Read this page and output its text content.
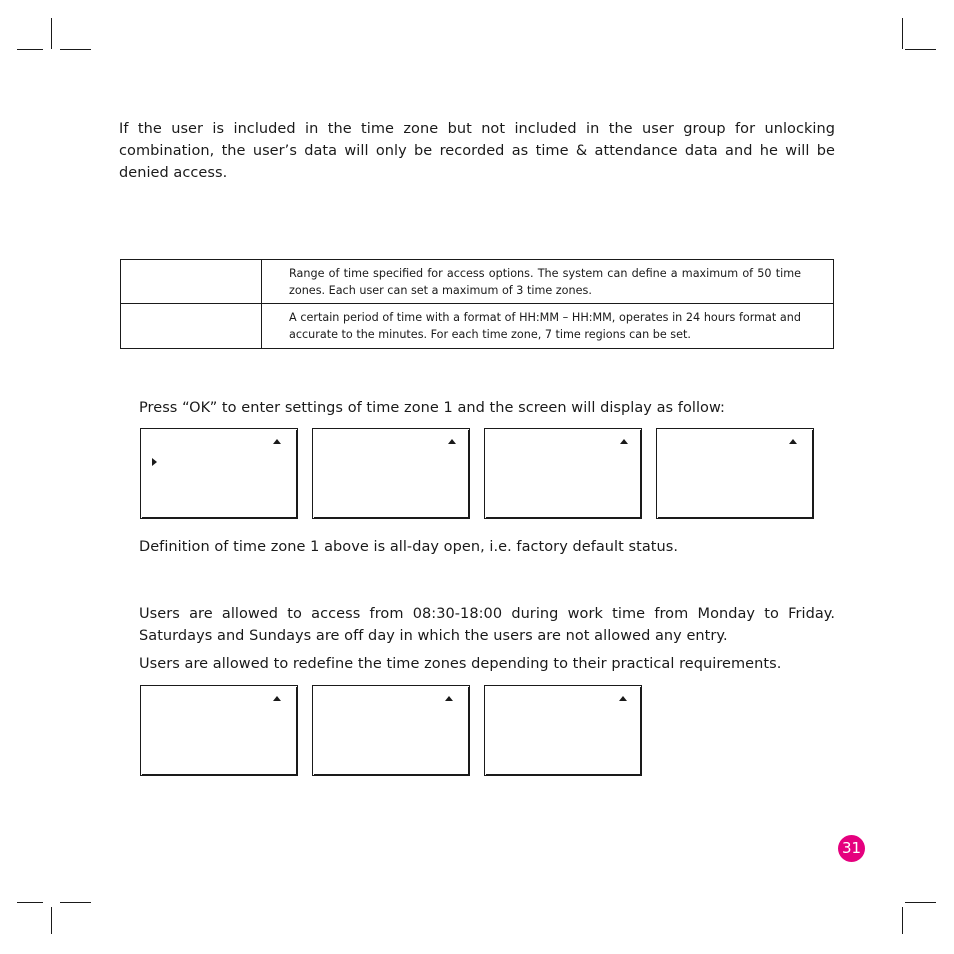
If the user is included in the time zone but not included in the user group for unlocking combination, the user’s data will only be recorded as time & attendance data and he will be denied access.

	Range of time specified for access options. The system can define a maximum of 50 time zones. Each user can set a maximum of 3 time zones.
	A certain period of time with a format of HH:MM – HH:MM, operates in 24 hours format and accurate to the minutes. For each time zone, 7 time regions can be set.

Press “OK” to enter settings of time zone 1 and the screen will display as follow:

Definition of time zone 1 above is all-day open, i.e. factory default status.

Users are allowed to access from 08:30-18:00 during work time from Monday to Friday. Saturdays and Sundays are off day in which the users are not allowed any entry.

Users are allowed to redefine the time zones depending to their practical requirements.

31
